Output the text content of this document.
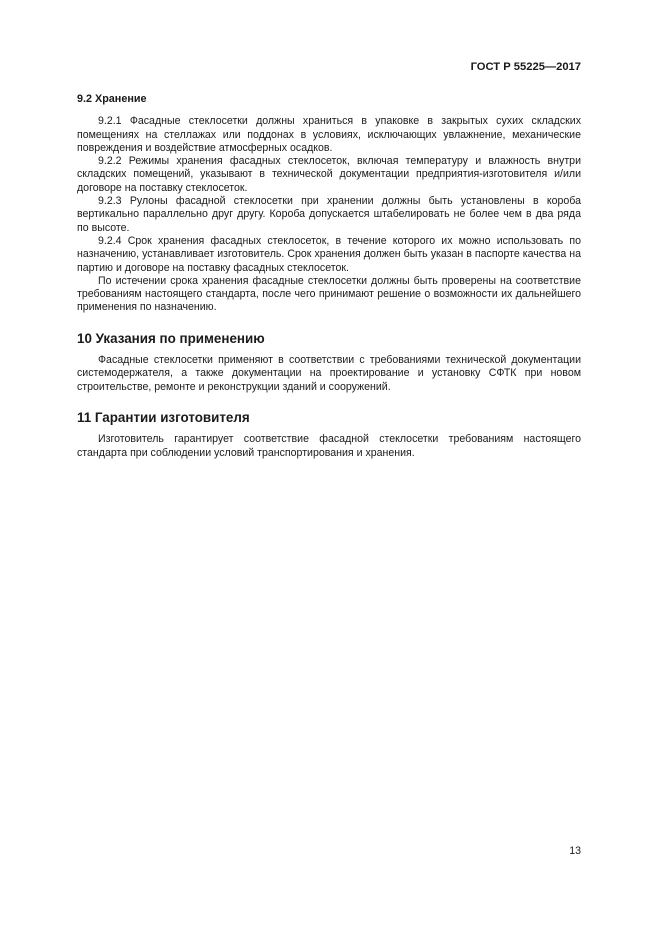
ГОСТ Р 55225—2017
9.2 Хранение

9.2.1 Фасадные стеклосетки должны храниться в упаковке в закрытых сухих складских помещениях на стеллажах или поддонах в условиях, исключающих увлажнение, механические повреждения и воздействие атмосферных осадков.

9.2.2 Режимы хранения фасадных стеклосеток, включая температуру и влажность внутри складских помещений, указывают в технической документации предприятия-изготовителя и/или договоре на поставку стеклосеток.

9.2.3 Рулоны фасадной стеклосетки при хранении должны быть установлены в короба вертикально параллельно друг другу. Короба допускается штабелировать не более чем в два ряда по высоте.

9.2.4 Срок хранения фасадных стеклосеток, в течение которого их можно использовать по назначению, устанавливает изготовитель. Срок хранения должен быть указан в паспорте качества на партию и договоре на поставку фасадных стеклосеток.

По истечении срока хранения фасадные стеклосетки должны быть проверены на соответствие требованиям настоящего стандарта, после чего принимают решение о возможности их дальнейшего применения по назначению.

10 Указания по применению

Фасадные стеклосетки применяют в соответствии с требованиями технической документации системодержателя, а также документации на проектирование и установку СФТК при новом строительстве, ремонте и реконструкции зданий и сооружений.

11 Гарантии изготовителя

Изготовитель гарантирует соответствие фасадной стеклосетки требованиям настоящего стандарта при соблюдении условий транспортирования и хранения.

13
